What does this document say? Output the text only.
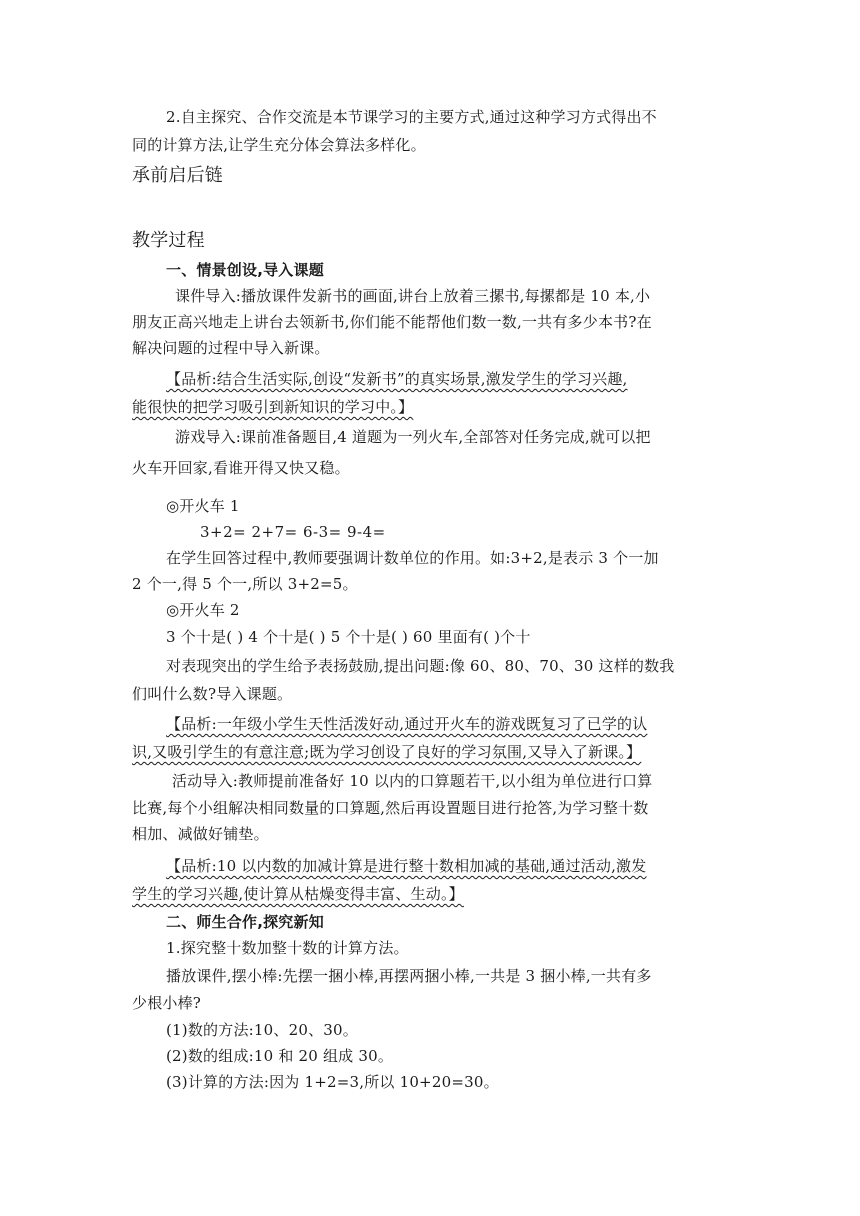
2.自主探究、合作交流是本节课学习的主要方式,通过这种学习方式得出不

同的计算方法,让学生充分体会算法多样化。

承前启后链

教学过程

一、情景创设,导入课题

课件导入:播放课件发新书的画面,讲台上放着三摞书,每摞都是 10 本,小

朋友正高兴地走上讲台去领新书,你们能不能帮他们数一数,一共有多少本书?在

解决问题的过程中导入新课。

【品析:结合生活实际,创设“发新书”的真实场景,激发学生的学习兴趣,

能很快的把学习吸引到新知识的学习中。】

游戏导入:课前准备题目,4 道题为一列火车,全部答对任务完成,就可以把

火车开回家,看谁开得又快又稳。

◎开火车 1

3+2= 2+7= 6-3= 9-4=

在学生回答过程中,教师要强调计数单位的作用。如:3+2,是表示 3 个一加

2 个一,得 5 个一,所以 3+2=5。

◎开火车 2

3 个十是( ) 4 个十是( ) 5 个十是( ) 60 里面有( )个十

对表现突出的学生给予表扬鼓励,提出问题:像 60、80、70、30 这样的数我

们叫什么数?导入课题。

【品析:一年级小学生天性活泼好动,通过开火车的游戏既复习了已学的认

识,又吸引学生的有意注意;既为学习创设了良好的学习氛围,又导入了新课。】

活动导入:教师提前准备好 10 以内的口算题若干,以小组为单位进行口算

比赛,每个小组解决相同数量的口算题,然后再设置题目进行抢答,为学习整十数

相加、减做好铺垫。

【品析:10 以内数的加减计算是进行整十数相加减的基础,通过活动,激发

学生的学习兴趣,使计算从枯燥变得丰富、生动。】

二、师生合作,探究新知

1.探究整十数加整十数的计算方法。

播放课件,摆小棒:先摆一捆小棒,再摆两捆小棒,一共是 3 捆小棒,一共有多

少根小棒?

(1)数的方法:10、20、30。

(2)数的组成:10 和 20 组成 30。

(3)计算的方法:因为 1+2=3,所以 10+20=30。
